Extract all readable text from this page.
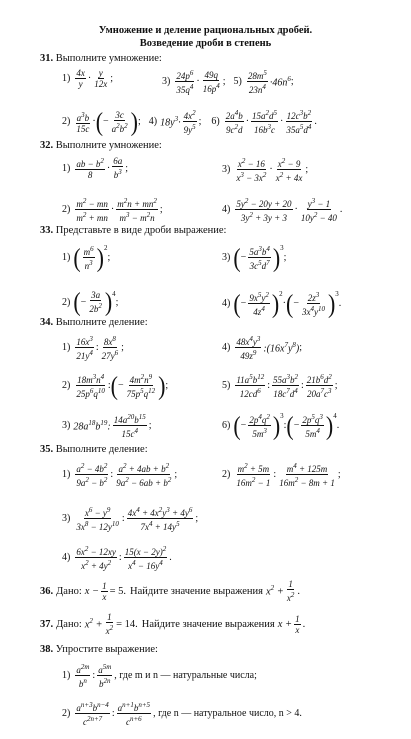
Умножение и деление рациональных дробей.
Возведение дроби в степень
31. Выполните умножение:
1) 4x
y · y
12x ;	3) $24p^6$
$35q^4$ ·
49q
$16p^4$ ; 5) $28m^5$
$23n^4 \cdot 46n^6$ ;
2) $a^3b$
15c
· ( −
3c
$a^2b^2$ ) ; 4) $18y^3\cdot$
$4x^2$
$9y^5$ ; 6) $2a^4b$
$9c^2d$
· $15a^2d^5$
$16b^3c$
· $12c^3b^2$
$35a^5d^4$ .
32. Выполните умножение:
1) ab − $b^2$
8
·
6a
$b^3$ ;	3) $x^2 - 16$
$x^3 - 3x^2 \cdot x^2 - 9$
$x^2 + 4x$
;
2) $m^2$ − mn
$m^2$ + mn
· $m^2n + mn^2$
$m^3 - m^2n$
;	4) $5y^2 - 20y + 20$
$3y^2 + 3y + 3$
· $y^3 - 1$
$10y^2 - 40$
.
33. Представьте в виде дроби выражение:
1) ( $m^6$
$n^3$ )$^2$
;	3) ( − $5a^3b^4$
$3c^5d^7$ )$^3$
;
2) ( −
3a
$2b^2$ )$^4$
;	4) ( − $9x^5y^2$
$4z^4$ )$^2$
· ( − $2z^3$
$3x^4y^{10}$ )$^3$
.
34. Выполните деление:
1) $16x^3$
$21y^4$ : $8x^8$
$27y^6$ ;	4) $48x^4y^3$
$49z^9$ $:(16x^7y^8)$ ;
2) $18m^3n^4$
$25p^6q^{10}$ : ( − $4m^2n^9$
$75p^5q^{12}$ ) ;	5) $11a^5b^{12}$
$12cd^6$ : $55a^3b^2$
$18c^7d^4$ : $21b^6d^2$
$20a^7c^3$ ;
3) $28a^{18}b^{19}$:
$14a^{20}b^{15}$
$15c^4$ ;	6) ( − $2p^4q^2$
$5m^3$ )$^3$
: ( − $2p^5q^3$
$5m^4$ )$^4$
.
35. Выполните деление:
1) $a^2 - 4b^2$
$9a^2 - b^2$ : $a^2 + 4ab + b^2$
$9a^2 - 6ab + b^2$ ;	2) $m^2 + 5m$
$16m^2 - 1$
: $m^4 + 125m$
$16m^2 - 8m + 1$
;
3) $x^6 - y^9$
$3x^8 - 12y^{10}$ : $4x^4 + 4x^2y^3 + 4y^6$
$7x^4 + 14y^5$ ;
4) $6x^2 - 12xy$
$x^2 + 4y^2$ : $15(x - 2y)^2$
$x^4 - 16y^4$ .
36. Дано: $x - \frac{1}{x} = 5$. Найдите значение выражения $x^2 + \frac{1}{x^2}$ .
37. Дано: $x^2 + \frac{1}{x^2} = 14$. Найдите значение выражения $x + \frac{1}{x}$ .
38. Упростите выражение:
1) $a^{2m}$
$b^n$ : $a^{5m}$
$b^{2n}$ , где m и n — натуральные числа;
2) $a^{n+3}b^{n-4}$
$c^{2n+7}$ : $a^{n+1}b^{n+5}$
$c^{n+6}$ , где n — натуральное число, n > 4.
